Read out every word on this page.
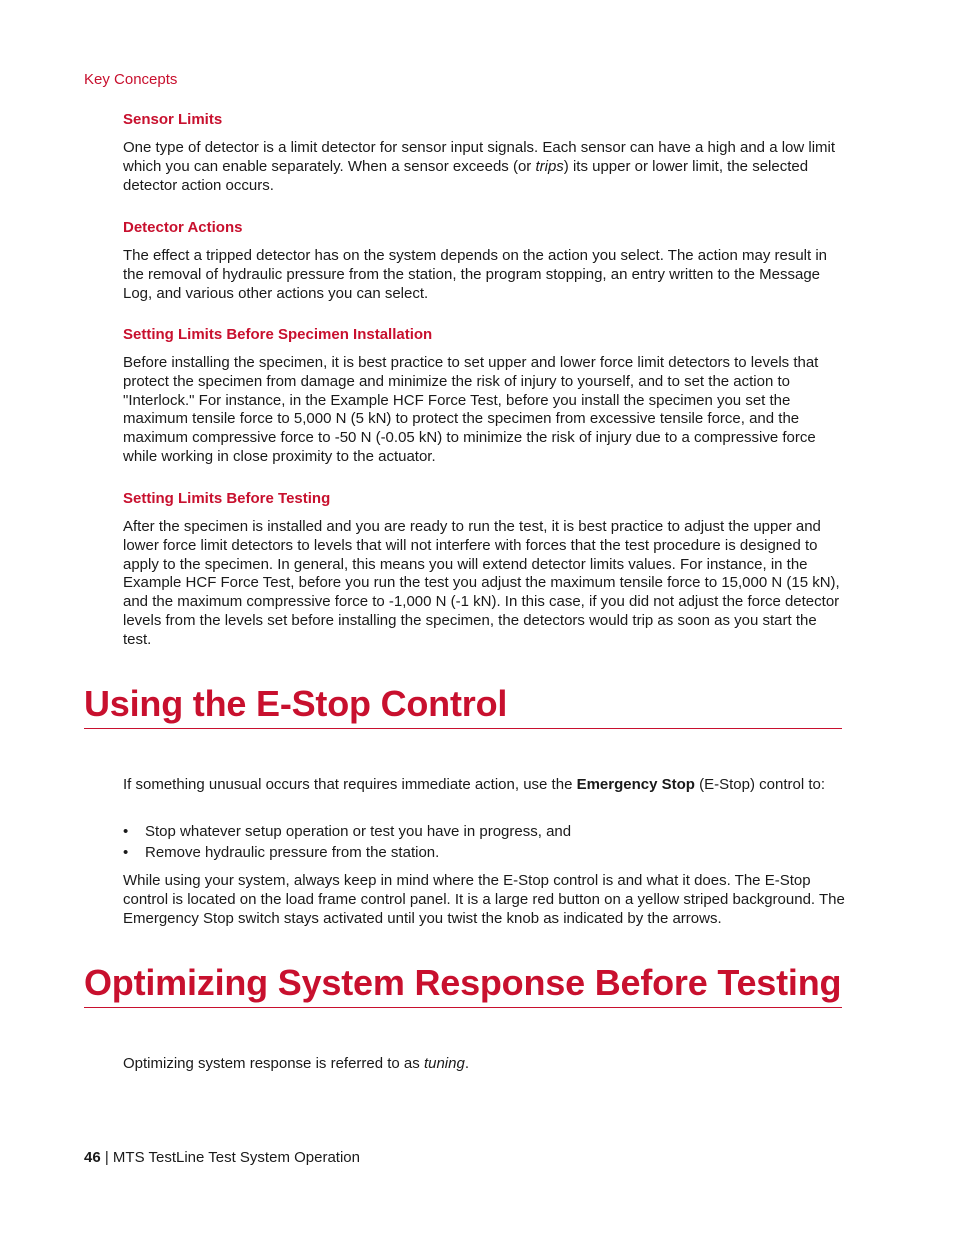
Key Concepts
Sensor Limits
One type of detector is a limit detector for sensor input signals. Each sensor can have a high and a low limit which you can enable separately. When a sensor exceeds (or trips) its upper or lower limit, the selected detector action occurs.
Detector Actions
The effect a tripped detector has on the system depends on the action you select. The action may result in the removal of hydraulic pressure from the station, the program stopping, an entry written to the Message Log, and various other actions you can select.
Setting Limits Before Specimen Installation
Before installing the specimen, it is best practice to set upper and lower force limit detectors to levels that protect the specimen from damage and minimize the risk of injury to yourself, and to set the action to "Interlock." For instance, in the Example HCF Force Test, before you install the specimen you set the maximum tensile force to 5,000 N (5 kN) to protect the specimen from excessive tensile force, and the maximum compressive force to -50 N (-0.05 kN) to minimize the risk of injury due to a compressive force while working in close proximity to the actuator.
Setting Limits Before Testing
After the specimen is installed and you are ready to run the test, it is best practice to adjust the upper and lower force limit detectors to levels that will not interfere with forces that the test procedure is designed to apply to the specimen. In general, this means you will extend detector limits values. For instance, in the Example HCF Force Test, before you run the test you adjust the maximum tensile force to 15,000 N (15 kN), and the maximum compressive force to -1,000 N (-1 kN). In this case, if you did not adjust the force detector levels from the levels set before installing the specimen, the detectors would trip as soon as you start the test.
Using the E-Stop Control
If something unusual occurs that requires immediate action, use the Emergency Stop (E-Stop) control to:
• Stop whatever setup operation or test you have in progress, and
• Remove hydraulic pressure from the station.
While using your system, always keep in mind where the E-Stop control is and what it does. The E-Stop control is located on the load frame control panel. It is a large red button on a yellow striped background. The Emergency Stop switch stays activated until you twist the knob as indicated by the arrows.
Optimizing System Response Before Testing
Optimizing system response is referred to as tuning.
46 | MTS TestLine Test System Operation
